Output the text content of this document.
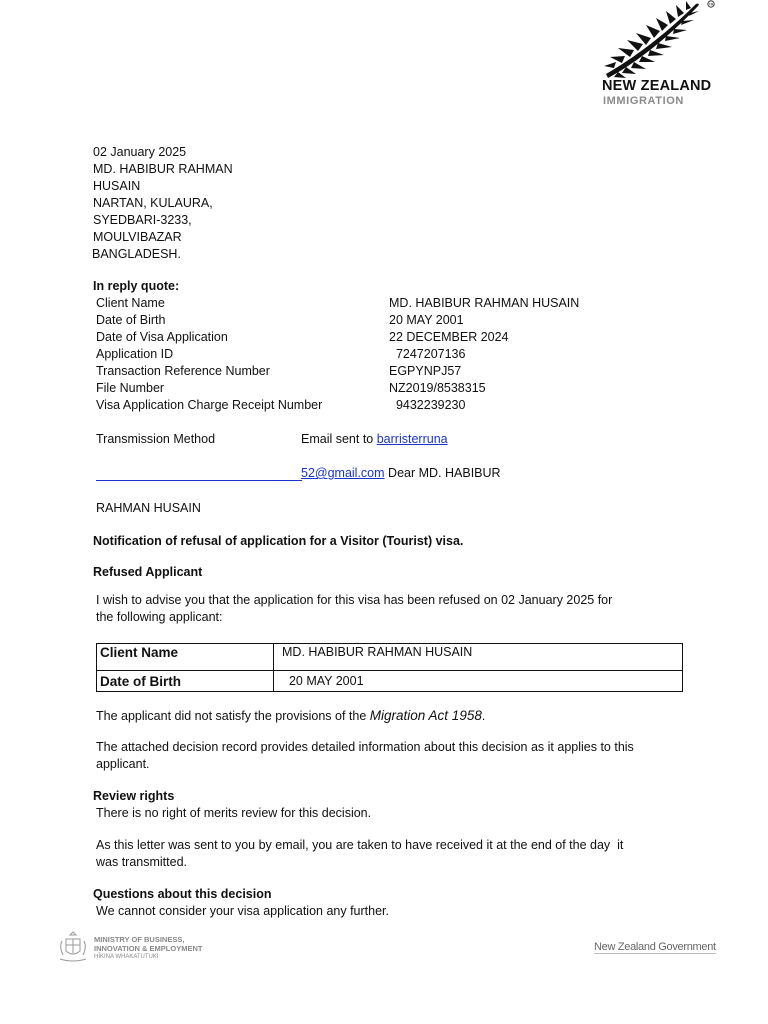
TM
NEW ZEALAND
IMMIGRATION
02 January 2025
MD. HABIBUR RAHMAN
HUSAIN
NARTAN, KULAURA,
SYEDBARI-3233,
MOULVIBAZAR
BANGLADESH.
In reply quote:
Client Name	MD. HABIBUR RAHMAN HUSAIN
Date of Birth	20 MAY 2001
Date of Visa Application	22 DECEMBER 2024
Application ID	7247207136
Transaction Reference Number	EGPYNPJ57
File Number	NZ2019/8538315
Visa Application Charge Receipt Number	9432239230
Transmission Method	Email sent to barristerruna
52@gmail.com Dear MD. HABIBUR
RAHMAN HUSAIN
Notification of refusal of application for a Visitor (Tourist) visa.
Refused Applicant
I wish to advise you that the application for this visa has been refused on 02 January 2025 for
the following applicant:
Client Name	MD. HABIBUR RAHMAN HUSAIN
Date of Birth	20 MAY 2001
The applicant did not satisfy the provisions of the Migration Act 1958.
The attached decision record provides detailed information about this decision as it applies to this
applicant.
Review rights
There is no right of merits review for this decision.
As this letter was sent to you by email, you are taken to have received it at the end of the day  it
was transmitted.
Questions about this decision
We cannot consider your visa application any further.
MINISTRY OF BUSINESS,
INNOVATION & EMPLOYMENT
HĪKINA WHAKATUTUKI
New Zealand Government
